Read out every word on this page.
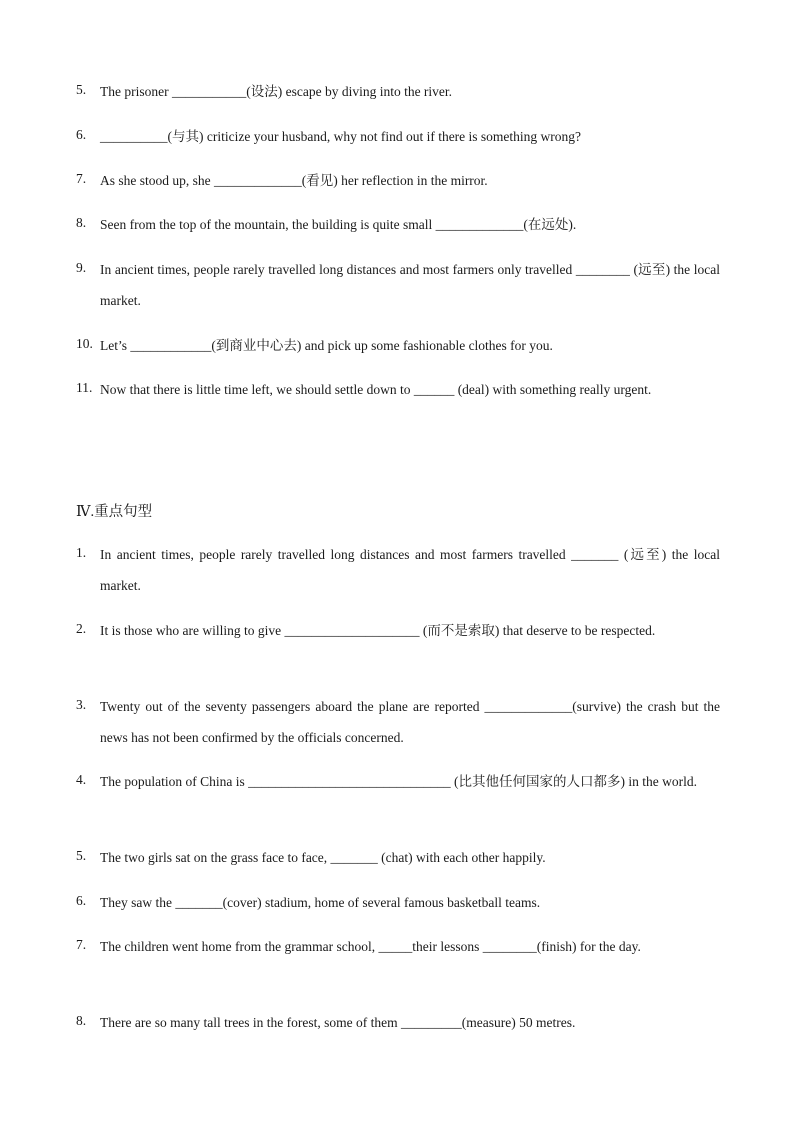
5.	The prisoner ___________(设法) escape by diving into the river.
6.	__________(与其) criticize your husband, why not find out if there is something wrong?
7.	As she stood up, she _____________(看见) her reflection in the mirror.
8.	Seen from the top of the mountain, the building is quite small _____________(在远处).
9.	In ancient times, people rarely travelled long distances and most farmers only travelled ________ (远至) the local market.
10. Let’s ____________(到商业中心去) and pick up some fashionable clothes for you.
11. Now that there is little time left, we should settle down to ______ (deal) with something really urgent.
Ⅳ.重点句型
1.	In ancient times, people rarely travelled long distances and most farmers travelled _______ (远至) the local market.
2.	It is those who are willing to give ____________________ (而不是索取) that deserve to be respected.
3.	Twenty out of the seventy passengers aboard the plane are reported _____________(survive) the crash but the news has not been confirmed by the officials concerned.
4.	The population of China is ______________________________ (比其他任何国家的人口都多) in the world.
5.	The two girls sat on the grass face to face, _______ (chat) with each other happily.
6.	They saw the _______(cover) stadium, home of several famous basketball teams.
7.	The children went home from the grammar school, _____their lessons ________(finish) for the day.
8.	There are so many tall trees in the forest, some of them _________(measure) 50 metres.
